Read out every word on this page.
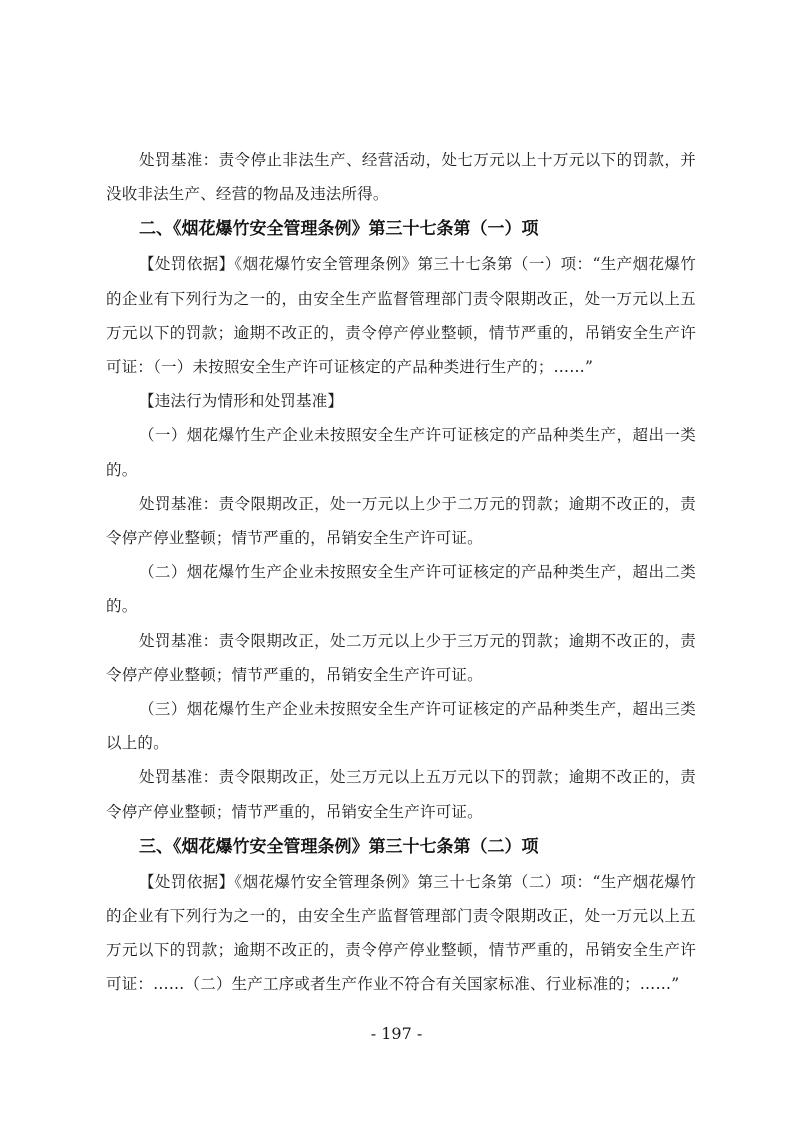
处罚基准：责令停止非法生产、经营活动，处七万元以上十万元以下的罚款，并没收非法生产、经营的物品及违法所得。

二、《烟花爆竹安全管理条例》第三十七条第（一）项

【处罚依据】《烟花爆竹安全管理条例》第三十七条第（一）项：“生产烟花爆竹的企业有下列行为之一的，由安全生产监督管理部门责令限期改正，处一万元以上五万元以下的罚款；逾期不改正的，责令停产停业整顿，情节严重的，吊销安全生产许可证：（一）未按照安全生产许可证核定的产品种类进行生产的；……”

【违法行为情形和处罚基准】

（一）烟花爆竹生产企业未按照安全生产许可证核定的产品种类生产，超出一类的。

处罚基准：责令限期改正，处一万元以上少于二万元的罚款；逾期不改正的，责令停产停业整顿；情节严重的，吊销安全生产许可证。

（二）烟花爆竹生产企业未按照安全生产许可证核定的产品种类生产，超出二类的。

处罚基准：责令限期改正，处二万元以上少于三万元的罚款；逾期不改正的，责令停产停业整顿；情节严重的，吊销安全生产许可证。

（三）烟花爆竹生产企业未按照安全生产许可证核定的产品种类生产，超出三类以上的。

处罚基准：责令限期改正，处三万元以上五万元以下的罚款；逾期不改正的，责令停产停业整顿；情节严重的，吊销安全生产许可证。

三、《烟花爆竹安全管理条例》第三十七条第（二）项

【处罚依据】《烟花爆竹安全管理条例》第三十七条第（二）项：“生产烟花爆竹的企业有下列行为之一的，由安全生产监督管理部门责令限期改正，处一万元以上五万元以下的罚款；逾期不改正的，责令停产停业整顿，情节严重的，吊销安全生产许可证：……（二）生产工序或者生产作业不符合有关国家标准、行业标准的；……”

- 197 -
